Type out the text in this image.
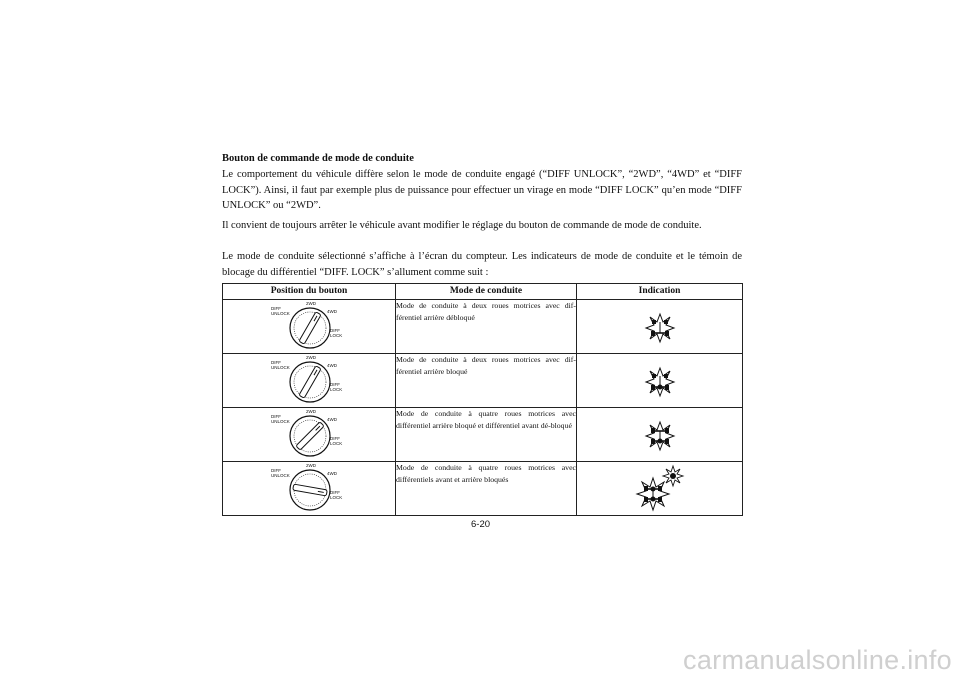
Bouton de commande de mode de conduite

Le comportement du véhicule diffère selon le mode de conduite engagé (“DIFF UNLOCK”, “2WD”, “4WD” et “DIFF LOCK”). Ainsi, il faut par exemple plus de puissance pour effectuer un virage en mode “DIFF LOCK” qu’en mode “DIFF UNLOCK” ou “2WD”.

Il convient de toujours arrêter le véhicule avant modifier le réglage du bouton de commande de mode de conduite.

Le mode de conduite sélectionné s’affiche à l’écran du compteur. Les indicateurs de mode de conduite et le témoin de blocage du différentiel “DIFF. LOCK” s’allument comme suit :

Position du bouton	Mode de conduite	Indication

2WD
4WD
DIFF UNLOCK
DIFF LOCK	Mode de conduite à deux roues motrices avec dif-férentiel arrière débloqué	

2WD
4WD
DIFF UNLOCK
DIFF LOCK	Mode de conduite à deux roues motrices avec dif-férentiel arrière bloqué	

2WD
4WD
DIFF UNLOCK
DIFF LOCK	Mode de conduite à quatre roues motrices avec différentiel arrière bloqué et différentiel avant dé-bloqué	

2WD
4WD
DIFF UNLOCK
DIFF LOCK	Mode de conduite à quatre roues motrices avec différentiels avant et arrière bloqués	
6-20
carmanualsonline.info
